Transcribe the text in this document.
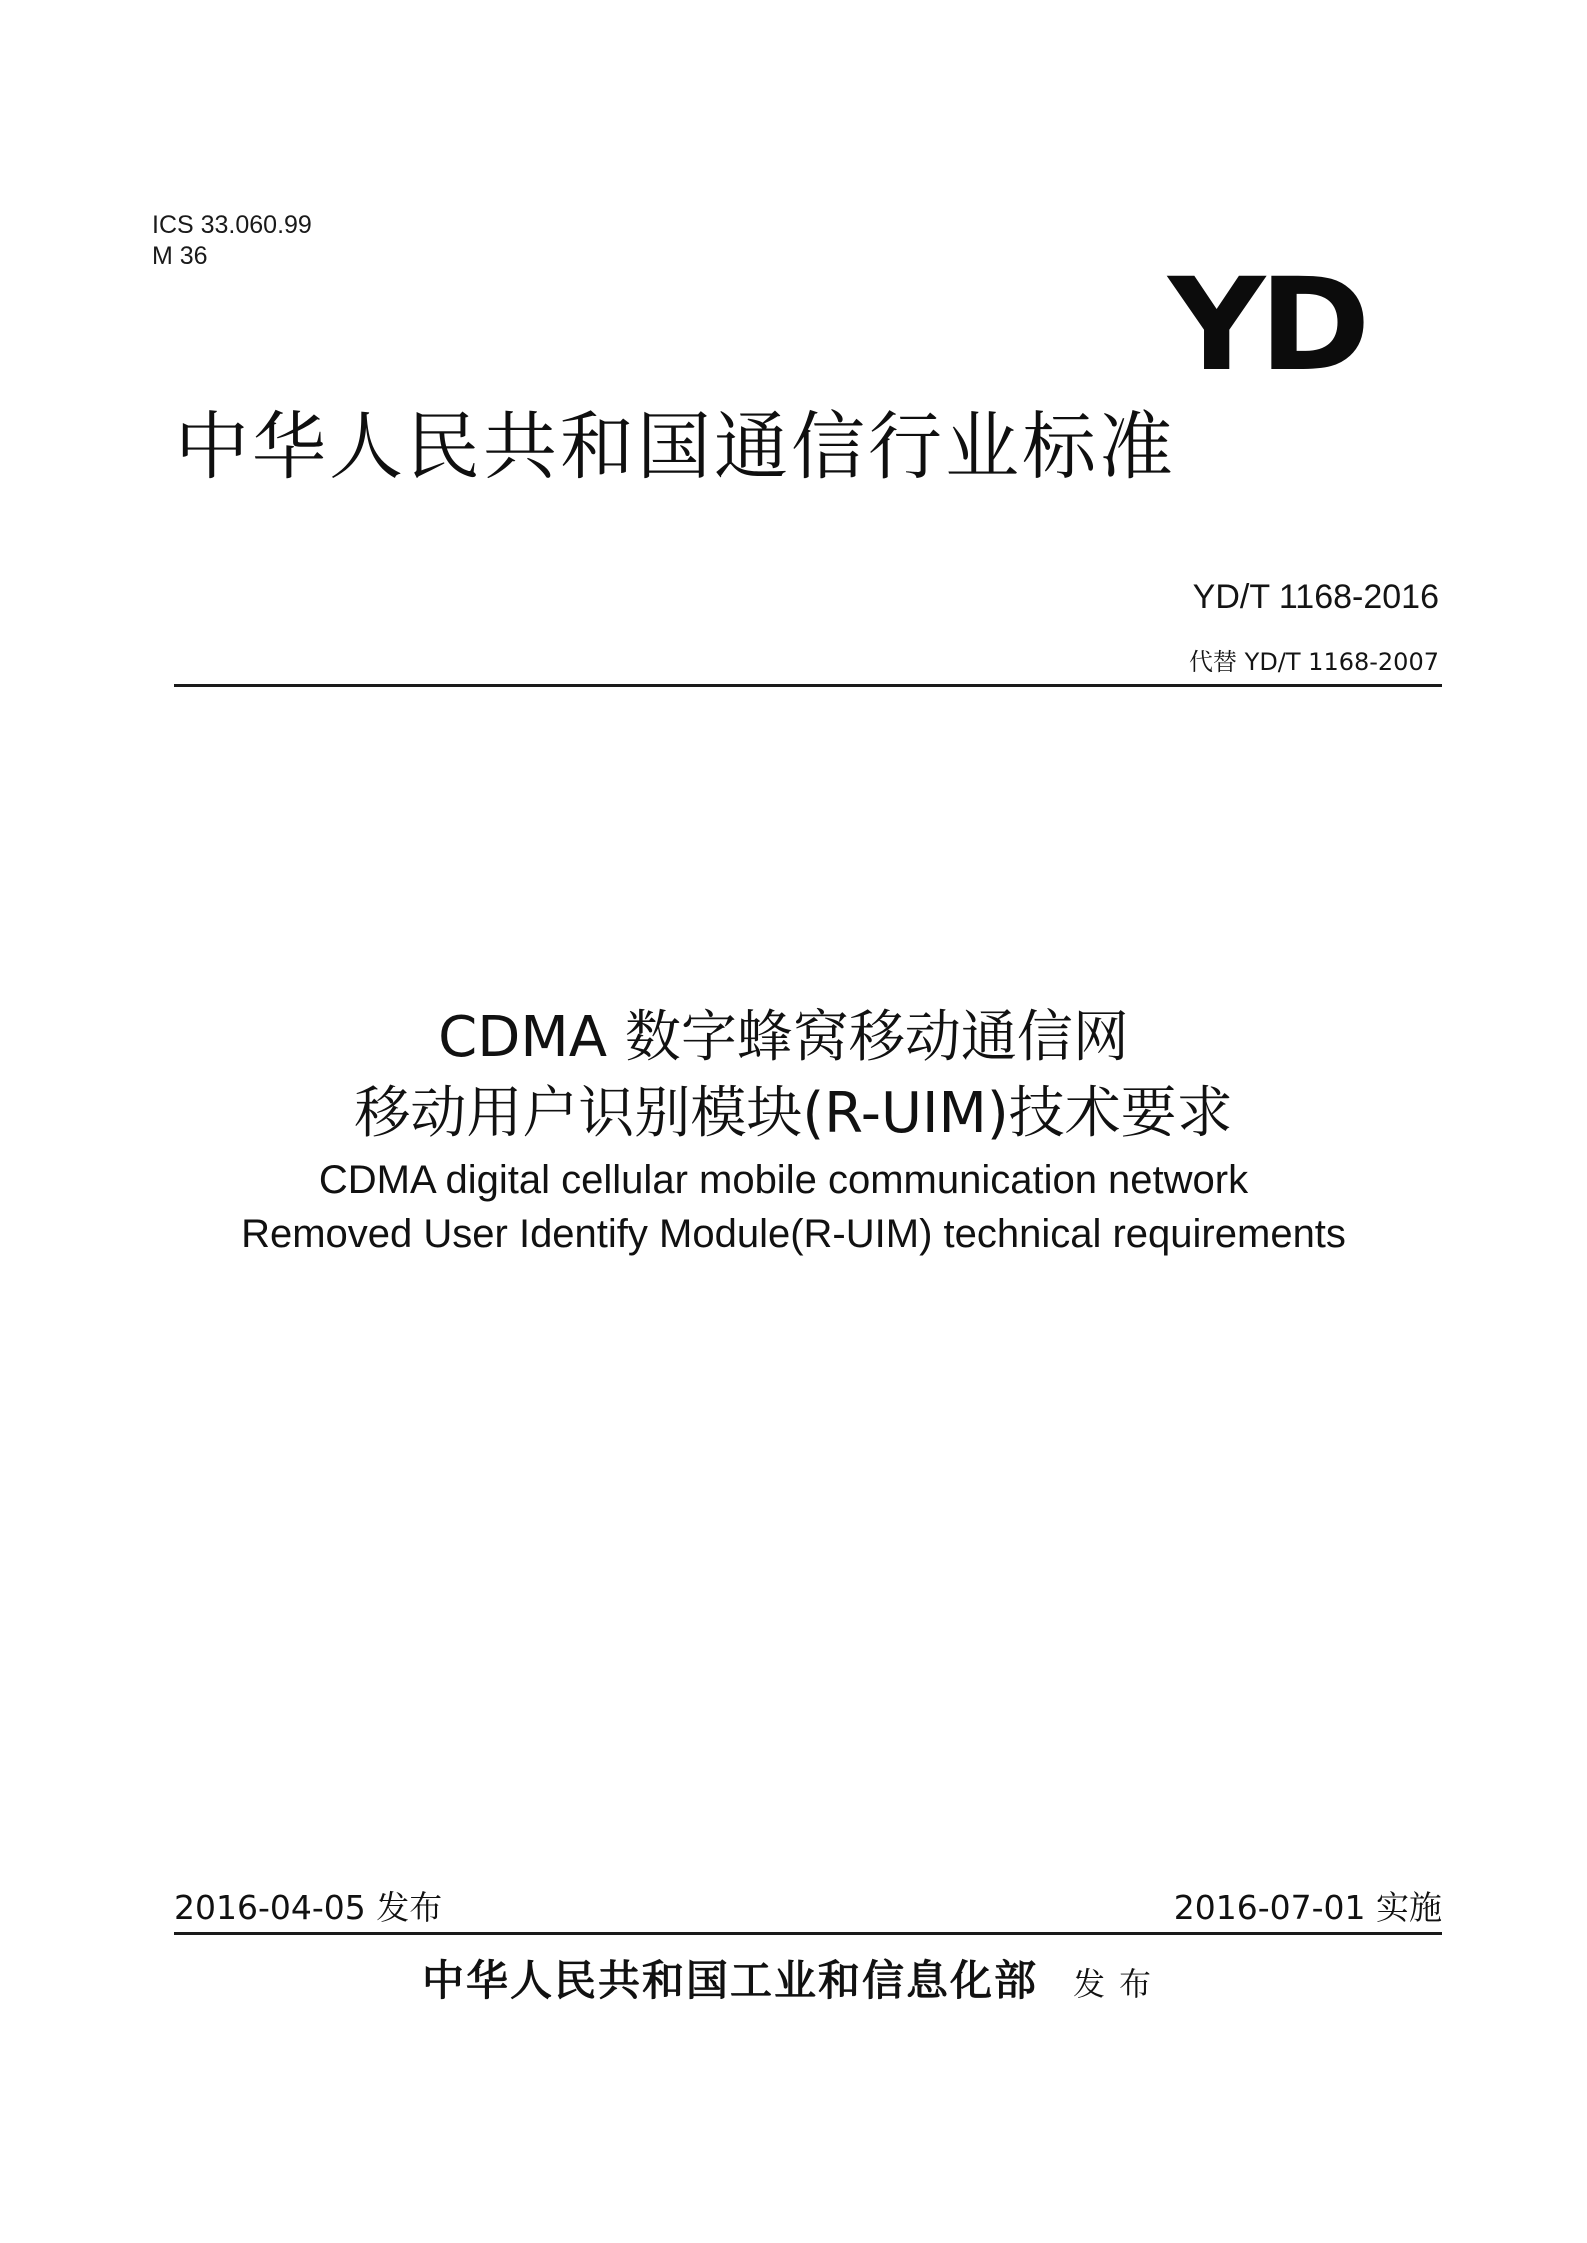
ICS 33.060.99
M 36	YD
中华人民共和国通信行业标准
YD/T 1168-2016
代替 YD/T 1168-2007
CDMA 数字蜂窝移动通信网
移动用户识别模块(R-UIM)技术要求
CDMA digital cellular mobile communication network
Removed User Identify Module(R-UIM) technical requirements
2016-04-05 发布	2016-07-01 实施
中华人民共和国工业和信息化部 发布
